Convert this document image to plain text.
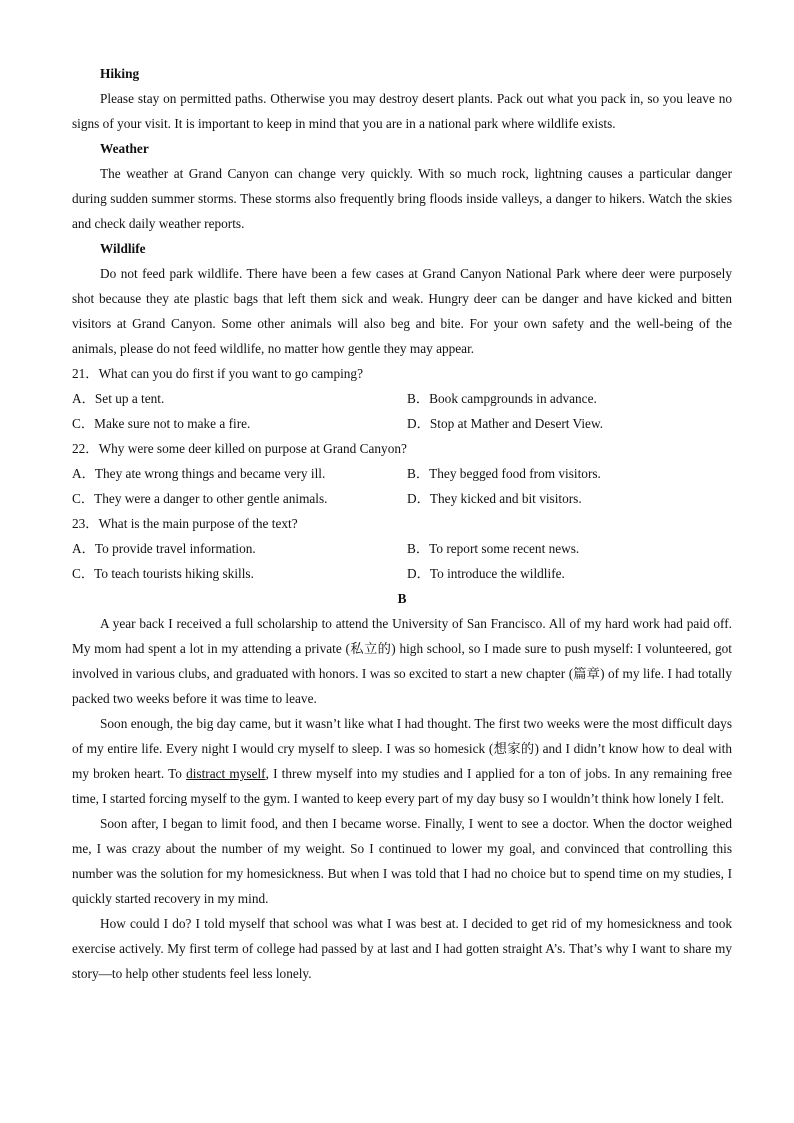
Hiking

Please stay on permitted paths. Otherwise you may destroy desert plants. Pack out what you pack in, so you leave no signs of your visit. It is important to keep in mind that you are in a national park where wildlife exists.

Weather

The weather at Grand Canyon can change very quickly. With so much rock, lightning causes a particular danger during sudden summer storms. These storms also frequently bring floods inside valleys, a danger to hikers. Watch the skies and check daily weather reports.

Wildlife

Do not feed park wildlife. There have been a few cases at Grand Canyon National Park where deer were purposely shot because they ate plastic bags that left them sick and weak. Hungry deer can be danger and have kicked and bitten visitors at Grand Canyon. Some other animals will also beg and bite. For your own safety and the well-being of the animals, please do not feed wildlife, no matter how gentle they may appear.

21．What can you do first if you want to go camping?
A．Set up a tent.	B．Book campgrounds in advance.
C．Make sure not to make a fire.	D．Stop at Mather and Desert View.
22．Why were some deer killed on purpose at Grand Canyon?
A．They ate wrong things and became very ill.	B．They begged food from visitors.
C．They were a danger to other gentle animals.	D．They kicked and bit visitors.
23．What is the main purpose of the text?
A．To provide travel information.	B．To report some recent news.
C．To teach tourists hiking skills.	D．To introduce the wildlife.
B

A year back I received a full scholarship to attend the University of San Francisco. All of my hard work had paid off. My mom had spent a lot in my attending a private (私立的) high school, so I made sure to push myself: I volunteered, got involved in various clubs, and graduated with honors. I was so excited to start a new chapter (篇章) of my life. I had totally packed two weeks before it was time to leave.

Soon enough, the big day came, but it wasn’t like what I had thought. The first two weeks were the most difficult days of my entire life. Every night I would cry myself to sleep. I was so homesick (想家的) and I didn’t know how to deal with my broken heart. To distract myself, I threw myself into my studies and I applied for a ton of jobs. In any remaining free time, I started forcing myself to the gym. I wanted to keep every part of my day busy so I wouldn’t think how lonely I felt.

Soon after, I began to limit food, and then I became worse. Finally, I went to see a doctor. When the doctor weighed me, I was crazy about the number of my weight. So I continued to lower my goal, and convinced that controlling this number was the solution for my homesickness. But when I was told that I had no choice but to spend time on my studies, I quickly started recovery in my mind.

How could I do? I told myself that school was what I was best at. I decided to get rid of my homesickness and took exercise actively. My first term of college had passed by at last and I had gotten straight A’s. That’s why I want to share my story—to help other students feel less lonely.
